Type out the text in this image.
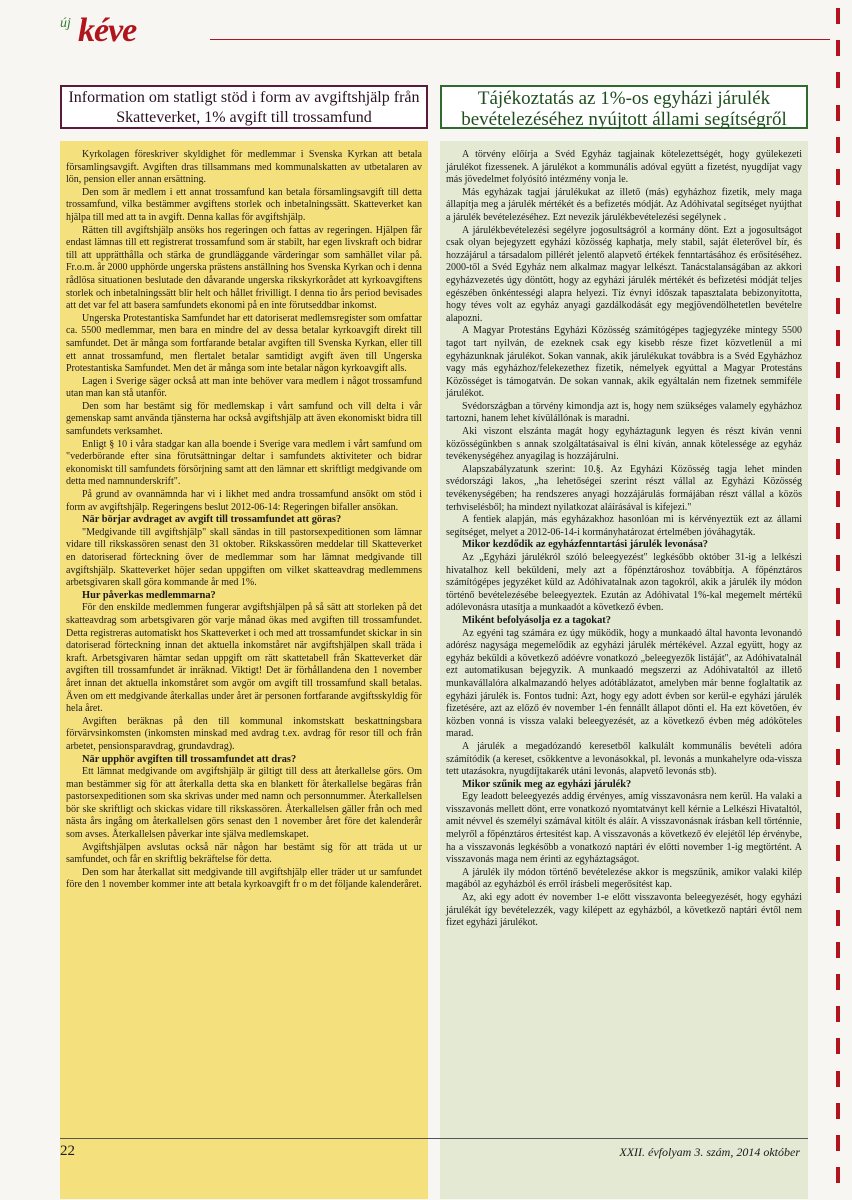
új kéve
Information om statligt stöd i form av avgiftshjälp från Skatteverket, 1% avgift till trossamfund

Kyrkolagen föreskriver skyldighet för medlemmar i Svenska Kyrkan att betala församlingsavgift. Avgiften dras tillsammans med kommunalskatten av utbetalaren av lön, pension eller annan ersättning.

Den som är medlem i ett annat trossamfund kan betala församlingsavgift till detta trossamfund, vilka bestämmer avgiftens storlek och inbetalningssätt. Skatteverket kan hjälpa till med att ta in avgift. Denna kallas för avgiftshjälp.

Rätten till avgiftshjälp ansöks hos regeringen och fattas av regeringen. Hjälpen får endast lämnas till ett registrerat trossamfund som är stabilt, har egen livskraft och bidrar till att upprätthålla och stärka de grundläggande värderingar som samhället vilar på. Fr.o.m. år 2000 upphörde ungerska prästens anställning hos Svenska Kyrkan och i denna rådlösa situationen beslutade den dåvarande ungerska rikskyrkorådet att kyrkoavgiftens storlek och inbetalningssätt blir helt och hållet frivilligt. I denna tio års period bevisades att det var fel att basera samfundets ekonomi på en inte förutseddbar inkomst.

Ungerska Protestantiska Samfundet har ett datoriserat medlemsregister som omfattar ca. 5500 medlemmar, men bara en mindre del av dessa betalar kyrkoavgift direkt till samfundet. Det är många som fortfarande betalar avgiften till Svenska Kyrkan, eller till ett annat trossamfund, men flertalet betalar samtidigt avgift även till Ungerska Protestantiska Samfundet. Men det är många som inte betalar någon kyrkoavgift alls.

Lagen i Sverige säger också att man inte behöver vara medlem i något trossamfund utan man kan stå utanför.

Den som har bestämt sig för medlemskap i vårt samfund och vill delta i vår gemenskap samt använda tjänsterna har också avgiftshjälp att även ekonomiskt bidra till samfundets verksamhet.

Enligt § 10 i våra stadgar kan alla boende i Sverige vara medlem i vårt samfund om "vederbörande efter sina förutsättningar deltar i samfundets aktiviteter och bidrar ekonomiskt till samfundets försörjning samt att den lämnar ett skriftligt medgivande om detta med namnunderskrift".

På grund av ovannämnda har vi i likhet med andra trossamfund ansökt om stöd i form av avgiftshjälp. Regeringens beslut 2012-06-14: Regeringen bifaller ansökan.

När börjar avdraget av avgift till trossamfundet att göras?

"Medgivande till avgiftshjälp" skall sändas in till pastorsexpeditionen som lämnar vidare till rikskassören senast den 31 oktober. Rikskassören meddelar till Skatteverket en datoriserad förteckning över de medlemmar som har lämnat medgivande till avgiftshjälp. Skatteverket höjer sedan uppgiften om vilket skatteavdrag medlemmens arbetsgivaren skall göra kommande år med 1%.

Hur påverkas medlemmarna?

För den enskilde medlemmen fungerar avgiftshjälpen på så sätt att storleken på det skatteavdrag som arbetsgivaren gör varje månad ökas med avgiften till trossamfundet. Detta registreras automatiskt hos Skatteverket i och med att trossamfundet skickar in sin datoriserad förteckning innan det aktuella inkomståret när avgiftshjälpen skall träda i kraft. Arbetsgivaren hämtar sedan uppgift om rätt skattetabell från Skatteverket där avgiften till trossamfundet är inräknad. Viktigt! Det är förhållandena den 1 november året innan det aktuella inkomståret som avgör om avgift till trossamfund skall betalas. Även om ett medgivande återkallas under året är personen fortfarande avgiftsskyldig för hela året.

Avgiften beräknas på den till kommunal inkomstskatt beskattningsbara förvärvsinkomsten (inkomsten minskad med avdrag t.ex. avdrag för resor till och från arbetet, pensionsparavdrag, grundavdrag).

När upphör avgiften till trossamfundet att dras?

Ett lämnat medgivande om avgiftshjälp är giltigt till dess att återkallelse görs. Om man bestämmer sig för att återkalla detta ska en blankett för återkallelse begäras från pastorsexpeditionen som ska skrivas under med namn och personnummer. Återkallelsen bör ske skriftligt och skickas vidare till rikskassören. Återkallelsen gäller från och med nästa års ingång om återkallelsen görs senast den 1 november året före det kalenderår som avses. Återkallelsen påverkar inte själva medlemskapet.

Avgiftshjälpen avslutas också när någon har bestämt sig för att träda ut ur samfundet, och får en skriftlig bekräftelse för detta.

Den som har återkallat sitt medgivande till avgiftshjälp eller träder ut ur samfundet före den 1 november kommer inte att betala kyrkoavgift fr o m det följande kalenderåret.

Tájékoztatás az 1%-os egyházi járulék bevételezéséhez nyújtott állami segítségről

A törvény előírja a Svéd Egyház tagjainak kötelezettségét, hogy gyülekezeti járulékot fizessenek. A járulékot a kommunális adóval együtt a fizetést, nyugdíjat vagy más jövedelmet folyósító intézmény vonja le.

Más egyházak tagjai járulékukat az illető (más) egyházhoz fizetik, mely maga állapítja meg a járulék mértékét és a befizetés módját. Az Adóhivatal segítséget nyújthat a járulék bevételezéséhez. Ezt nevezik járulékbevételezési segélynek .

A járulékbevételezési segélyre jogosultságról a kormány dönt. Ezt a jogosultságot csak olyan bejegyzett egyházi közösség kaphatja, mely stabil, saját életerővel bír, és hozzájárul a társadalom pillérét jelentő alapvető értékek fenntartásához és erősítéséhez. 2000-től a Svéd Egyház nem alkalmaz magyar lelkészt. Tanácstalanságában az akkori egyházvezetés úgy döntött, hogy az egyházi járulék mértékét és befizetési módját teljes egészében önkéntességi alapra helyezi. Tíz évnyi időszak tapasztalata bebizonyította, hogy téves volt az egyház anyagi gazdálkodását egy megjövendölhetetlen bevételre alapozni.

A Magyar Protestáns Egyházi Közösség számítógépes tagjegyzéke mintegy 5500 tagot tart nyilván, de ezeknek csak egy kisebb része fizet közvetlenül a mi egyházunknak járulékot. Sokan vannak, akik járulékukat továbbra is a Svéd Egyházhoz vagy más egyházhoz/felekezethez fizetik, némelyek egyúttal a Magyar Protestáns Közösséget is támogatván. De sokan vannak, akik egyáltalán nem fizetnek semmiféle járulékot.

Svédországban a törvény kimondja azt is, hogy nem szükséges valamely egyházhoz tartozni, hanem lehet kívülállónak is maradni.

Aki viszont elszánta magát hogy egyháztagunk legyen és részt kíván venni közösségünkben s annak szolgáltatásaival is élni kíván, annak kötelessége az egyház tevékenységéhez anyagilag is hozzájárulni.

Alapszabályzatunk szerint: 10.§. Az Egyházi Közösség tagja lehet minden svédországi lakos, „ha lehetőségei szerint részt vállal az Egyházi Közösség tevékenységében; ha rendszeres anyagi hozzájárulás formájában részt vállal a közös terhviselésből; ha mindezt nyilatkozat aláírásával is kifejezi."

A fentiek alapján, más egyházakhoz hasonlóan mi is kérvényeztük ezt az állami segítséget, melyet a 2012-06-14-i kormányhatározat értelmében jóváhagyták.

Mikor kezdődik az egyházfenntartási járulék levonása?

Az „Egyházi járulékról szóló beleegyezést" legkésőbb október 31-ig a lelkészi hivatalhoz kell beküldeni, mely azt a főpénztároshoz továbbítja. A főpénztáros számítógépes jegyzéket küld az Adóhivatalnak azon tagokról, akik a járulék ily módon történő bevételezésébe beleegyeztek. Ezután az Adóhivatal 1%-kal megemelt mértékű adólevonásra utasítja a munkaadót a következő évben.

Miként befolyásolja ez a tagokat?

Az egyéni tag számára ez úgy működik, hogy a munkaadó által havonta levonandó adórész nagysága megemelődik az egyházi járulék mértékével. Azzal együtt, hogy az egyház beküldi a következő adóévre vonatkozó „beleegyezők listáját", az Adóhivatalnál ezt automatikusan bejegyzik. A munkaadó megszerzi az Adóhivataltól az illető munkavállalóra alkalmazandó helyes adótáblázatot, amelyben már benne foglaltatik az egyházi járulék is. Fontos tudni: Azt, hogy egy adott évben sor kerül-e egyházi járulék fizetésére, azt az előző év november 1-én fennállt állapot dönti el. Ha ezt követően, év közben vonná is vissza valaki beleegyezését, az a következő évben még adóköteles marad.

A járulék a megadózandó keresetből kalkulált kommunális bevételi adóra számítódik (a kereset, csökkentve a levonásokkal, pl. levonás a munkahelyre oda-vissza tett utazásokra, nyugdíjtakarék utáni levonás, alapvető levonás stb).

Mikor szűnik meg az egyházi járulék?

Egy leadott beleegyezés addig érvényes, amíg visszavonásra nem kerül. Ha valaki a visszavonás mellett dönt, erre vonatkozó nyomtatványt kell kérnie a Lelkészi Hivataltól, amit névvel és személyi számával kitölt és aláír. A visszavonásnak írásban kell történnie, melyről a főpénztáros értesítést kap. A visszavonás a következő év elejétől lép érvénybe, ha a visszavonás legkésőbb a vonatkozó naptári év előtti november 1-ig megtörtént. A visszavonás maga nem érinti az egyháztagságot.

A járulék ily módon történő bevételezése akkor is megszűnik, amikor valaki kilép magából az egyházból és erről írásbeli megerősítést kap.

Az, aki egy adott év november 1-e előtt visszavonta beleegyezését, hogy egyházi járulékát így bevételezzék, vagy kilépett az egyházból, a következő naptári évtől nem fizet egyházi járulékot.

22	XXII. évfolyam 3. szám, 2014 október
